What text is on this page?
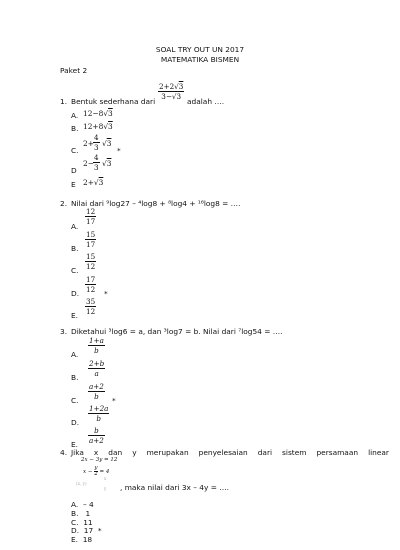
SOAL TRY OUT UN 2017
MATEMATIKA BISMEN
Paket 2
1. Bentuk sederhana dari
2+2√3
3−√3
adalah ….
A. 12−8√3
B. 12+8√3
C.
2+
4
3 √3
*
D
2−
4
3 √3
E 2+√3
2. Nilai dari ⁹log27 – ⁴log8 + ⁸log4 + ¹⁶log8 = ….
A.
12
17
B.
15
17
C.
15
12
D.
17
12 *
E.
35
12
3. Diketahui ³log6 = a, dan ³log7 = b. Nilai dari ⁷log54 = ….
A.
1+a
b
B.
2+b
a
C.
a+2
b *
D.
1+2a
b
E.
b
a+2
4. Jika x dan y merupakan penyelesaian dari sistem persamaan linear
2x − 3y = 12
$x - \frac{y}{2} = 4$
x
(x, y)
y , maka nilai dari 3x – 4y = ….
A. – 4
B. 1
C. 11
D. 17 *
E. 18
